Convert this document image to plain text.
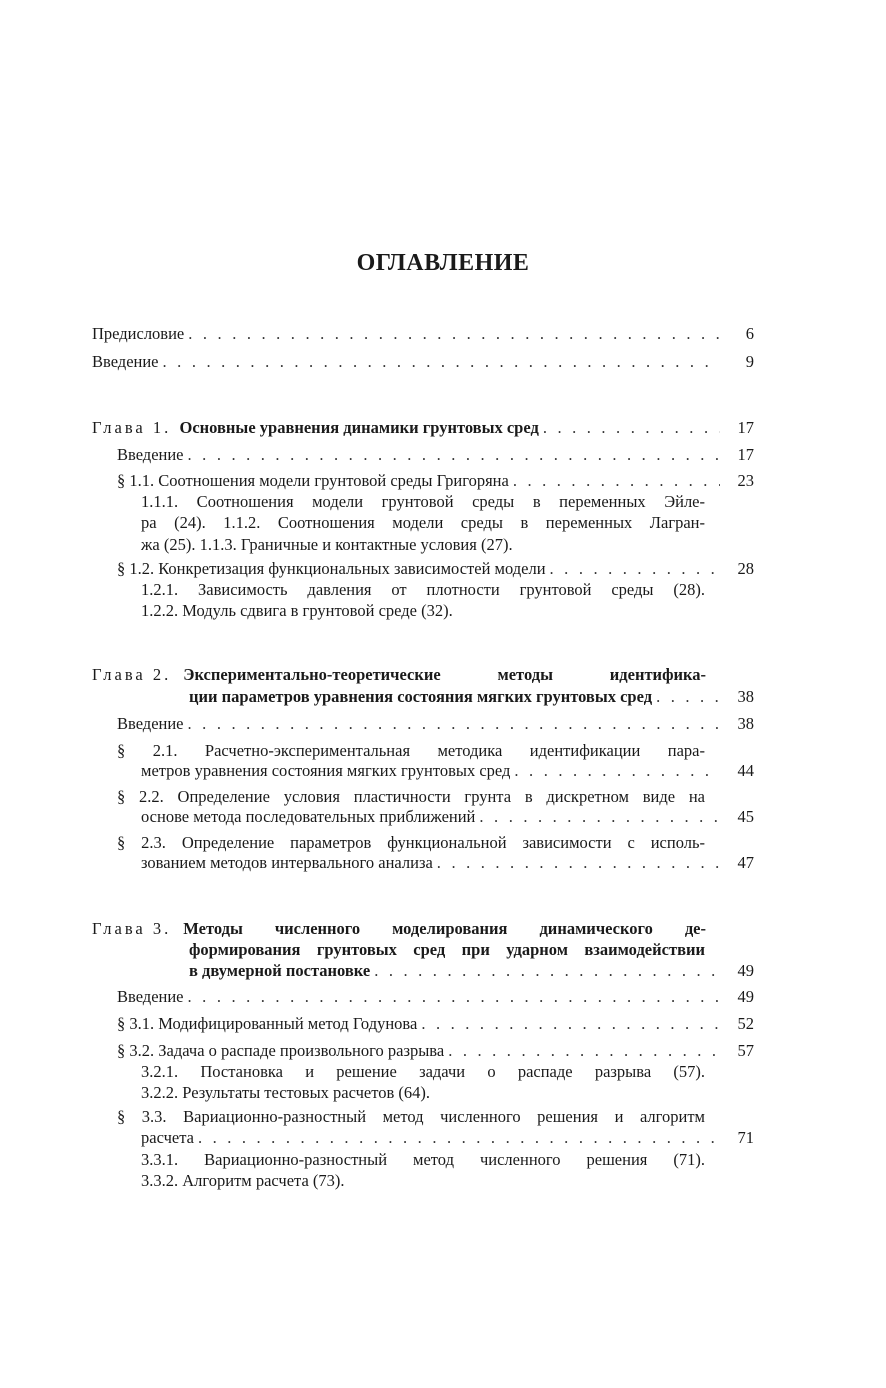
ОГЛАВЛЕНИЕ
Предисловие . . .	6
Введение . . .	9
Глава 1. Основные уравнения динамики грунтовых сред . . .	17
Введение . . .	17
§ 1.1. Соотношения модели грунтовой среды Григоряна . . .	23
1.1.1. Соотношения модели грунтовой среды в переменных Эйле-
ра (24). 1.1.2. Соотношения модели среды в переменных Лагран-
жа (25). 1.1.3. Граничные и контактные условия (27).
§ 1.2. Конкретизация функциональных зависимостей модели . . .	28
1.2.1. Зависимость давления от плотности грунтовой среды (28).
1.2.2. Модуль сдвига в грунтовой среде (32).
Глава 2. Экспериментально-теоретические методы идентифика-
ции параметров уравнения состояния мягких грунтовых сред . . .	38
Введение . . .	38
§ 2.1. Расчетно-экспериментальная методика идентификации пара-
метров уравнения состояния мягких грунтовых сред . . .	44
§ 2.2. Определение условия пластичности грунта в дискретном виде на
основе метода последовательных приближений . . .	45
§ 2.3. Определение параметров функциональной зависимости с исполь-
зованием методов интервального анализа . . .	47
Глава 3. Методы численного моделирования динамического де-
формирования грунтовых сред при ударном взаимодействии
в двумерной постановке . . .	49
Введение . . .	49
§ 3.1. Модифицированный метод Годунова . . .	52
§ 3.2. Задача о распаде произвольного разрыва . . .	57
3.2.1. Постановка и решение задачи о распаде разрыва (57).
3.2.2. Результаты тестовых расчетов (64).
§ 3.3. Вариационно-разностный метод численного решения и алгоритм
расчета . . .	71
3.3.1. Вариационно-разностный метод численного решения (71).
3.3.2. Алгоритм расчета (73).
